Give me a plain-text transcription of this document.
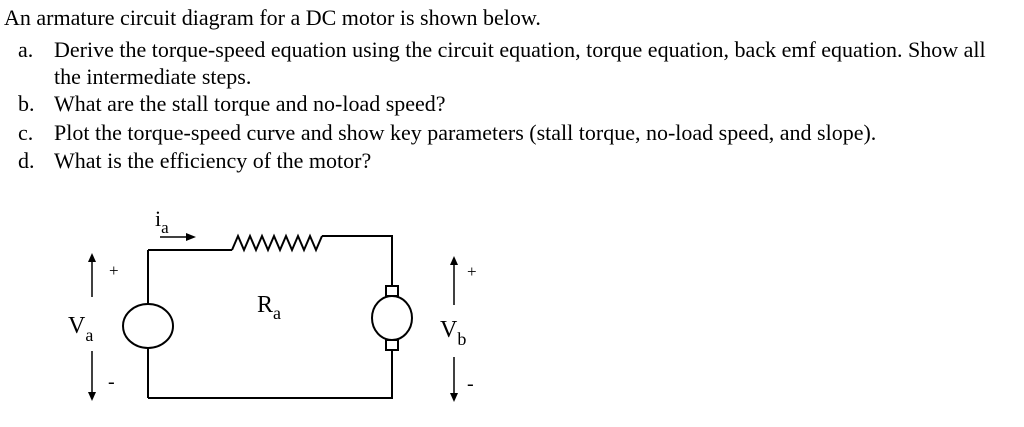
An armature circuit diagram for a DC motor is shown below.
a. Derive the torque-speed equation using the circuit equation, torque equation, back emf equation. Show all the intermediate steps.
b. What are the stall torque and no-load speed?
c. Plot the torque-speed curve and show key parameters (stall torque, no-load speed, and slope).
d. What is the efficiency of the motor?
$i_a$
$R_a$
$V_a$	$V_b$
+
-
+
-
